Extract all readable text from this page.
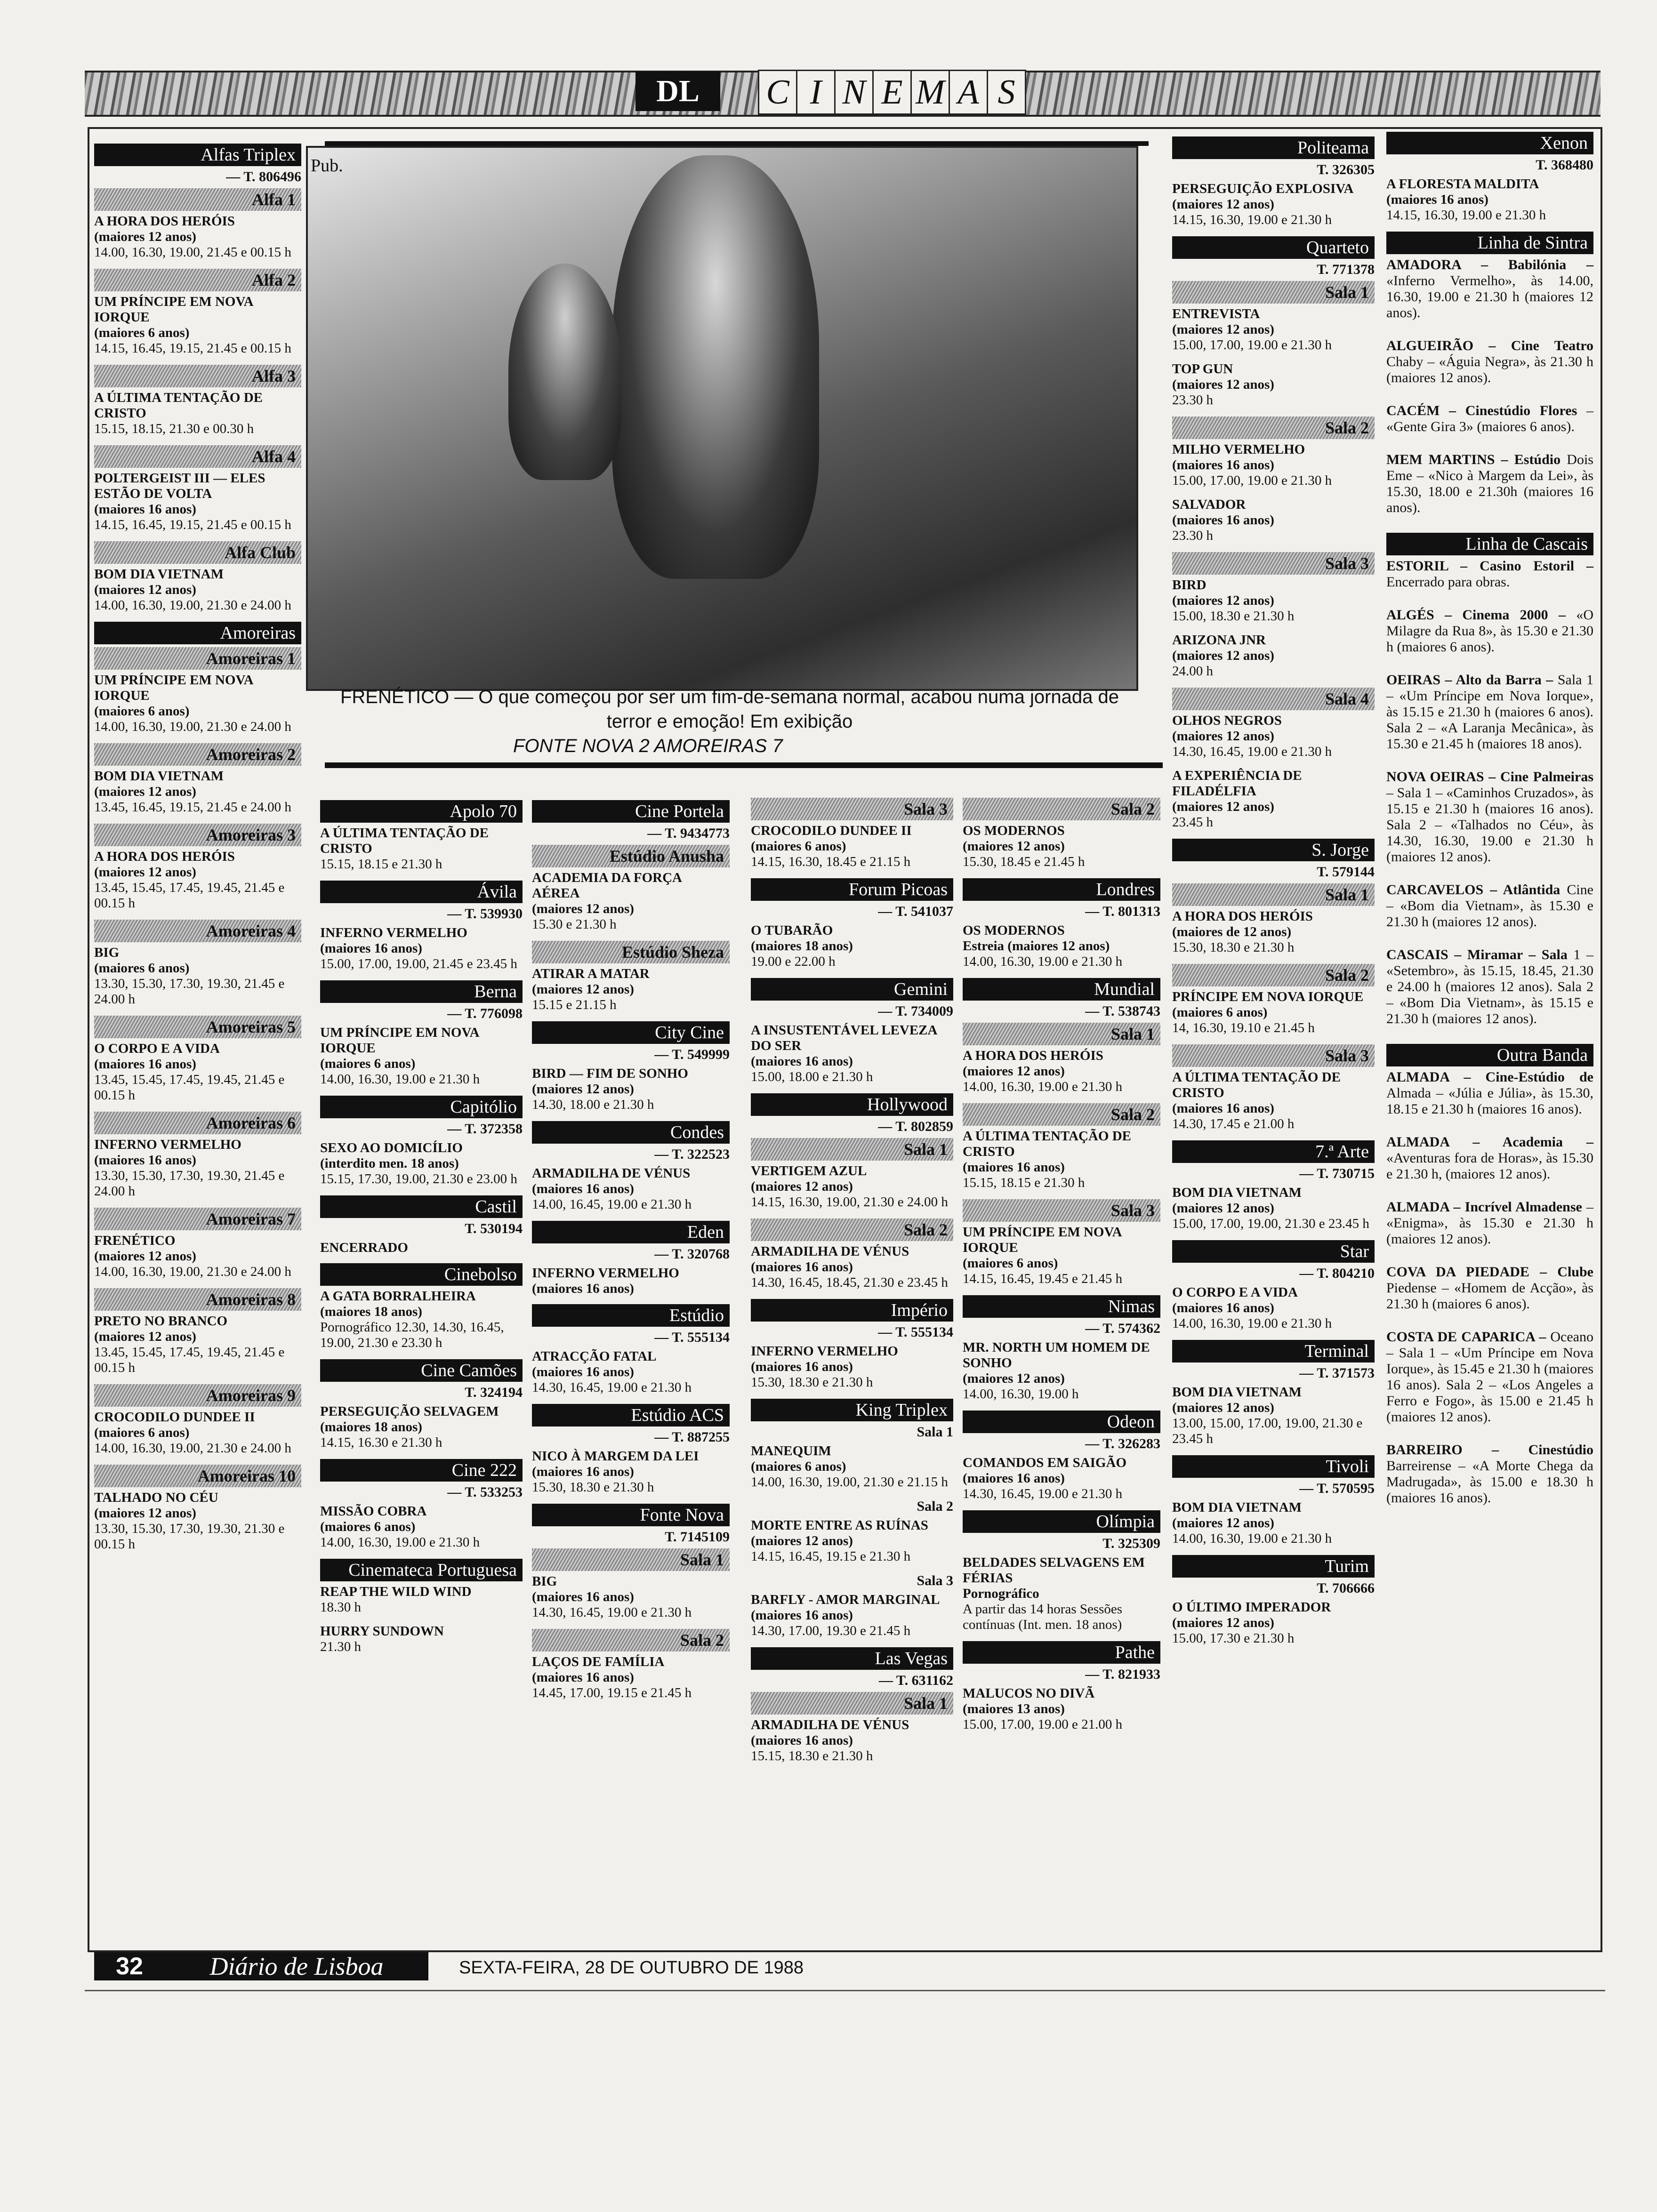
DL	C I N E M A S
Pub.
FRENÉTICO — O que começou por ser um fim-de-semana normal, acabou numa jornada de terror e emoção! Em exibição
FONTE NOVA 2 AMOREIRAS 7
Alfas Triplex
— T. 806496
Alfa 1
A HORA DOS HERÓIS
(maiores 12 anos)
14.00, 16.30, 19.00, 21.45 e 00.15 h
Alfa 2
UM PRÍNCIPE EM NOVA IORQUE
(maiores 6 anos)
14.15, 16.45, 19.15, 21.45 e 00.15 h
Alfa 3
A ÚLTIMA TENTAÇÃO DE CRISTO
15.15, 18.15, 21.30 e 00.30 h
Alfa 4
POLTERGEIST III — ELES ESTÃO DE VOLTA
(maiores 16 anos)
14.15, 16.45, 19.15, 21.45 e 00.15 h
Alfa Club
BOM DIA VIETNAM
(maiores 12 anos)
14.00, 16.30, 19.00, 21.30 e 24.00 h
Amoreiras
Amoreiras 1
UM PRÍNCIPE EM NOVA IORQUE
(maiores 6 anos)
14.00, 16.30, 19.00, 21.30 e 24.00 h
Amoreiras 2
BOM DIA VIETNAM
(maiores 12 anos)
13.45, 16.45, 19.15, 21.45 e 24.00 h
Amoreiras 3
A HORA DOS HERÓIS
(maiores 12 anos)
13.45, 15.45, 17.45, 19.45, 21.45 e 00.15 h
Amoreiras 4
BIG
(maiores 6 anos)
13.30, 15.30, 17.30, 19.30, 21.45 e 24.00 h
Amoreiras 5
O CORPO E A VIDA
(maiores 16 anos)
13.45, 15.45, 17.45, 19.45, 21.45 e 00.15 h
Amoreiras 6
INFERNO VERMELHO
(maiores 16 anos)
13.30, 15.30, 17.30, 19.30, 21.45 e 24.00 h
Amoreiras 7
FRENÉTICO
(maiores 12 anos)
14.00, 16.30, 19.00, 21.30 e 24.00 h
Amoreiras 8
PRETO NO BRANCO
(maiores 12 anos)
13.45, 15.45, 17.45, 19.45, 21.45 e 00.15 h
Amoreiras 9
CROCODILO DUNDEE II
(maiores 6 anos)
14.00, 16.30, 19.00, 21.30 e 24.00 h
Amoreiras 10
TALHADO NO CÉU
(maiores 12 anos)
13.30, 15.30, 17.30, 19.30, 21.30 e 00.15 h
Apolo 70
A ÚLTIMA TENTAÇÃO DE CRISTO
15.15, 18.15 e 21.30 h
Ávila
— T. 539930
INFERNO VERMELHO
(maiores 16 anos)
15.00, 17.00, 19.00, 21.45 e 23.45 h
Berna
— T. 776098
UM PRÍNCIPE EM NOVA IORQUE
(maiores 6 anos)
14.00, 16.30, 19.00 e 21.30 h
Capitólio
— T. 372358
SEXO AO DOMICÍLIO
(interdito men. 18 anos)
15.15, 17.30, 19.00, 21.30 e 23.00 h
Castil
T. 530194
ENCERRADO
Cinebolso
A GATA BORRALHEIRA
(maiores 18 anos)
Pornográfico 12.30, 14.30, 16.45, 19.00, 21.30 e 23.30 h
Cine Camões
T. 324194
PERSEGUIÇÃO SELVAGEM
(maiores 18 anos)
14.15, 16.30 e 21.30 h
Cine 222
— T. 533253
MISSÃO COBRA
(maiores 6 anos)
14.00, 16.30, 19.00 e 21.30 h
Cinemateca Portuguesa
REAP THE WILD WIND
18.30 h
HURRY SUNDOWN
21.30 h
Cine Portela
— T. 9434773
Estúdio Anusha
ACADEMIA DA FORÇA AÉREA
(maiores 12 anos)
15.30 e 21.30 h
Estúdio Sheza
ATIRAR A MATAR
(maiores 12 anos)
15.15 e 21.15 h
City Cine
— T. 549999
BIRD — FIM DE SONHO
(maiores 12 anos)
14.30, 18.00 e 21.30 h
Condes
— T. 322523
ARMADILHA DE VÉNUS
(maiores 16 anos)
14.00, 16.45, 19.00 e 21.30 h
Eden
— T. 320768
INFERNO VERMELHO
(maiores 16 anos)
Estúdio
— T. 555134
ATRACÇÃO FATAL
(maiores 16 anos)
14.30, 16.45, 19.00 e 21.30 h
Estúdio ACS
— T. 887255
NICO À MARGEM DA LEI
(maiores 16 anos)
15.30, 18.30 e 21.30 h
Fonte Nova
T. 7145109
Sala 1
BIG
(maiores 16 anos)
14.30, 16.45, 19.00 e 21.30 h
Sala 2
LAÇOS DE FAMÍLIA
(maiores 16 anos)
14.45, 17.00, 19.15 e 21.45 h
Sala 3
CROCODILO DUNDEE II
(maiores 6 anos)
14.15, 16.30, 18.45 e 21.15 h
Forum Picoas
— T. 541037
O TUBARÃO
(maiores 18 anos)
19.00 e 22.00 h
Gemini
— T. 734009
A INSUSTENTÁVEL LEVEZA DO SER
(maiores 16 anos)
15.00, 18.00 e 21.30 h
Hollywood
— T. 802859
Sala 1
VERTIGEM AZUL
(maiores 12 anos)
14.15, 16.30, 19.00, 21.30 e 24.00 h
Sala 2
ARMADILHA DE VÉNUS
(maiores 16 anos)
14.30, 16.45, 18.45, 21.30 e 23.45 h
Império
— T. 555134
INFERNO VERMELHO
(maiores 16 anos)
15.30, 18.30 e 21.30 h
King Triplex
Sala 1
MANEQUIM
(maiores 6 anos)
14.00, 16.30, 19.00, 21.30 e 21.15 h
Sala 2
MORTE ENTRE AS RUÍNAS
(maiores 12 anos)
14.15, 16.45, 19.15 e 21.30 h
Sala 3
BARFLY - AMOR MARGINAL
(maiores 16 anos)
14.30, 17.00, 19.30 e 21.45 h
Las Vegas
— T. 631162
Sala 1
ARMADILHA DE VÉNUS
(maiores 16 anos)
15.15, 18.30 e 21.30 h
Sala 2
OS MODERNOS
(maiores 12 anos)
15.30, 18.45 e 21.45 h
Londres
— T. 801313
OS MODERNOS
Estreia (maiores 12 anos)
14.00, 16.30, 19.00 e 21.30 h
Mundial
— T. 538743
Sala 1
A HORA DOS HERÓIS
(maiores 12 anos)
14.00, 16.30, 19.00 e 21.30 h
Sala 2
A ÚLTIMA TENTAÇÃO DE CRISTO
(maiores 16 anos)
15.15, 18.15 e 21.30 h
Sala 3
UM PRÍNCIPE EM NOVA IORQUE
(maiores 6 anos)
14.15, 16.45, 19.45 e 21.45 h
Nimas
— T. 574362
MR. NORTH UM HOMEM DE SONHO
(maiores 12 anos)
14.00, 16.30, 19.00 h
Odeon
— T. 326283
COMANDOS EM SAIGÃO
(maiores 16 anos)
14.30, 16.45, 19.00 e 21.30 h
Olímpia
T. 325309
BELDADES SELVAGENS EM FÉRIAS
Pornográfico
A partir das 14 horas Sessões contínuas (Int. men. 18 anos)
Pathe
— T. 821933
MALUCOS NO DIVÃ
(maiores 13 anos)
15.00, 17.00, 19.00 e 21.00 h
Politeama
T. 326305
PERSEGUIÇÃO EXPLOSIVA
(maiores 12 anos)
14.15, 16.30, 19.00 e 21.30 h
Quarteto
T. 771378
Sala 1
ENTREVISTA
(maiores 12 anos)
15.00, 17.00, 19.00 e 21.30 h
TOP GUN
(maiores 12 anos)
23.30 h
Sala 2
MILHO VERMELHO
(maiores 16 anos)
15.00, 17.00, 19.00 e 21.30 h
SALVADOR
(maiores 16 anos)
23.30 h
Sala 3
BIRD
(maiores 12 anos)
15.00, 18.30 e 21.30 h
ARIZONA JNR
(maiores 12 anos)
24.00 h
Sala 4
OLHOS NEGROS
(maiores 12 anos)
14.30, 16.45, 19.00 e 21.30 h
A EXPERIÊNCIA DE FILADÉLFIA
(maiores 12 anos)
23.45 h
S. Jorge
T. 579144
Sala 1
A HORA DOS HERÓIS
(maiores de 12 anos)
15.30, 18.30 e 21.30 h
Sala 2
PRÍNCIPE EM NOVA IORQUE
(maiores 6 anos)
14, 16.30, 19.10 e 21.45 h
Sala 3
A ÚLTIMA TENTAÇÃO DE CRISTO
(maiores 16 anos)
14.30, 17.45 e 21.00 h
7.ª Arte
— T. 730715
BOM DIA VIETNAM
(maiores 12 anos)
15.00, 17.00, 19.00, 21.30 e 23.45 h
Star
— T. 804210
O CORPO E A VIDA
(maiores 16 anos)
14.00, 16.30, 19.00 e 21.30 h
Terminal
— T. 371573
BOM DIA VIETNAM
(maiores 12 anos)
13.00, 15.00, 17.00, 19.00, 21.30 e 23.45 h
Tivoli
— T. 570595
BOM DIA VIETNAM
(maiores 12 anos)
14.00, 16.30, 19.00 e 21.30 h
Turim
T. 706666
O ÚLTIMO IMPERADOR
(maiores 12 anos)
15.00, 17.30 e 21.30 h
Xenon
T. 368480
A FLORESTA MALDITA
(maiores 16 anos)
14.15, 16.30, 19.00 e 21.30 h
Linha de Sintra
AMADORA – Babilónia – «Inferno Vermelho», às 14.00, 16.30, 19.00 e 21.30 h (maiores 12 anos).
ALGUEIRÃO – Cine Teatro Chaby – «Águia Negra», às 21.30 h (maiores 12 anos).
CACÉM – Cinestúdio Flores – «Gente Gira 3» (maiores 6 anos).
MEM MARTINS – Estúdio Dois Eme – «Nico à Margem da Lei», às 15.30, 18.00 e 21.30h (maiores 16 anos).
Linha de Cascais
ESTORIL – Casino Estoril – Encerrado para obras.
ALGÉS – Cinema 2000 – «O Milagre da Rua 8», às 15.30 e 21.30 h (maiores 6 anos).
OEIRAS – Alto da Barra – Sala 1 – «Um Príncipe em Nova Iorque», às 15.15 e 21.30 h (maiores 6 anos). Sala 2 – «A Laranja Mecânica», às 15.30 e 21.45 h (maiores 18 anos).
NOVA OEIRAS – Cine Palmeiras – Sala 1 – «Caminhos Cruzados», às 15.15 e 21.30 h (maiores 16 anos). Sala 2 – «Talhados no Céu», às 14.30, 16.30, 19.00 e 21.30 h (maiores 12 anos).
CARCAVELOS – Atlântida Cine – «Bom dia Vietnam», às 15.30 e 21.30 h (maiores 12 anos).
CASCAIS – Miramar – Sala 1 – «Setembro», às 15.15, 18.45, 21.30 e 24.00 h (maiores 12 anos). Sala 2 – «Bom Dia Vietnam», às 15.15 e 21.30 h (maiores 12 anos).
Outra Banda
ALMADA – Cine-Estúdio de Almada – «Júlia e Júlia», às 15.30, 18.15 e 21.30 h (maiores 16 anos).
ALMADA – Academia – «Aventuras fora de Horas», às 15.30 e 21.30 h, (maiores 12 anos).
ALMADA – Incrível Almadense – «Enigma», às 15.30 e 21.30 h (maiores 12 anos).
COVA DA PIEDADE – Clube Piedense – «Homem de Acção», às 21.30 h (maiores 6 anos).
COSTA DE CAPARICA – Oceano – Sala 1 – «Um Príncipe em Nova Iorque», às 15.45 e 21.30 h (maiores 16 anos). Sala 2 – «Los Angeles a Ferro e Fogo», às 15.00 e 21.45 h (maiores 12 anos).
BARREIRO – Cinestúdio Barreirense – «A Morte Chega da Madrugada», às 15.00 e 18.30 h (maiores 16 anos).
32	Diário de Lisboa	SEXTA-FEIRA, 28 DE OUTUBRO DE 1988
